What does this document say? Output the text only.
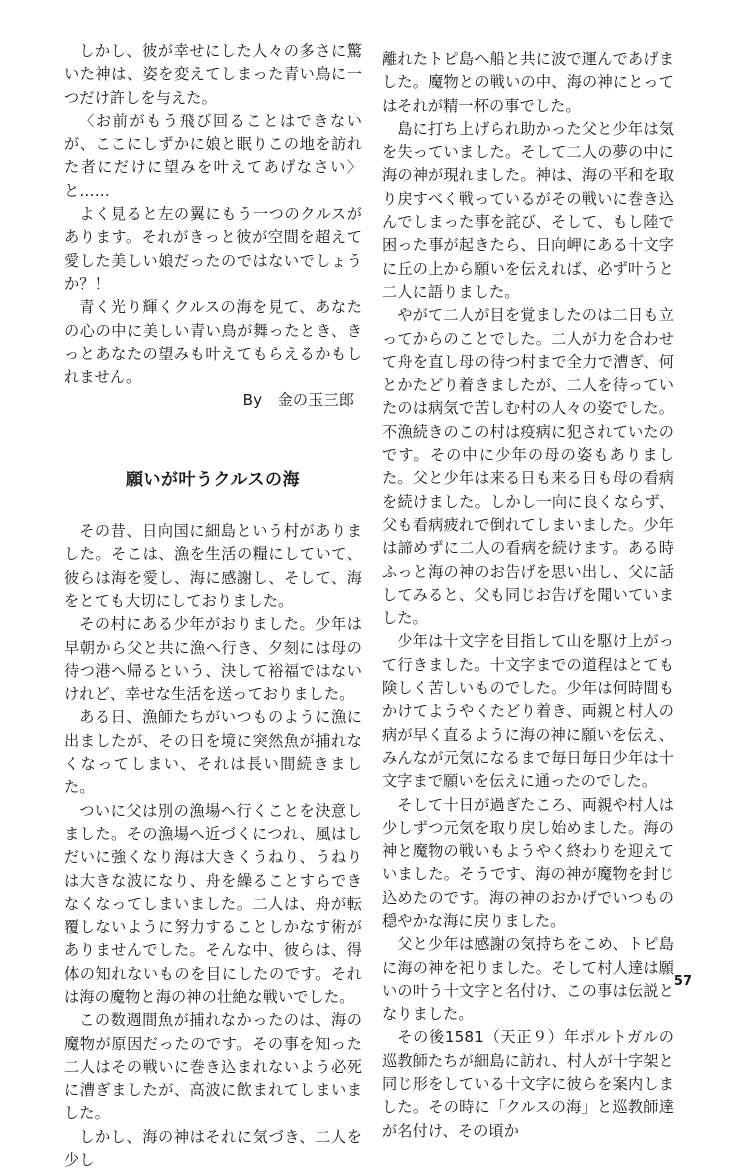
しかし、彼が幸せにした人々の多さに驚いた神は、姿を変えてしまった青い鳥に一つだけ許しを与えた。

〈お前がもう飛び回ることはできないが、ここにしずかに娘と眠りこの地を訪れた者にだけに望みを叶えてあげなさい〉と……

よく見ると左の翼にもう一つのクルスがあります。それがきっと彼が空間を超えて愛した美しい娘だったのではないでしょうか？！

青く光り輝くクルスの海を見て、あなたの心の中に美しい青い鳥が舞ったとき、きっとあなたの望みも叶えてもらえるかもしれません。

By　金の玉三郎

願いが叶うクルスの海

その昔、日向国に細島という村がありました。そこは、漁を生活の糧にしていて、彼らは海を愛し、海に感謝し、そして、海をとても大切にしておりました。

その村にある少年がおりました。少年は早朝から父と共に漁へ行き、夕刻には母の待つ港へ帰るという、決して裕福ではないけれど、幸せな生活を送っておりました。

ある日、漁師たちがいつものように漁に出ましたが、その日を境に突然魚が捕れなくなってしまい、それは長い間続きました。

ついに父は別の漁場へ行くことを決意しました。その漁場へ近づくにつれ、風はしだいに強くなり海は大きくうねり、うねりは大きな波になり、舟を繰ることすらできなくなってしまいました。二人は、舟が転覆しないように努力することしかなす術がありませんでした。そんな中、彼らは、得体の知れないものを目にしたのです。それは海の魔物と海の神の壮絶な戦いでした。

この数週間魚が捕れなかったのは、海の魔物が原因だったのです。その事を知った二人はその戦いに巻き込まれないよう必死に漕ぎましたが、高波に飲まれてしまいました。

しかし、海の神はそれに気づき、二人を少し

離れたトピ島へ船と共に波で運んであげました。魔物との戦いの中、海の神にとってはそれが精一杯の事でした。

島に打ち上げられ助かった父と少年は気を失っていました。そして二人の夢の中に海の神が現れました。神は、海の平和を取り戻すべく戦っているがその戦いに巻き込んでしまった事を詫び、そして、もし陸で困った事が起きたら、日向岬にある十文字に丘の上から願いを伝えれば、必ず叶うと二人に語りました。

やがて二人が目を覚ましたのは二日も立ってからのことでした。二人が力を合わせて舟を直し母の待つ村まで全力で漕ぎ、何とかたどり着きましたが、二人を待っていたのは病気で苦しむ村の人々の姿でした。不漁続きのこの村は疫病に犯されていたのです。その中に少年の母の姿もありました。父と少年は来る日も来る日も母の看病を続けました。しかし一向に良くならず、父も看病疲れで倒れてしまいました。少年は諦めずに二人の看病を続けます。ある時ふっと海の神のお告げを思い出し、父に話してみると、父も同じお告げを聞いていました。

少年は十文字を目指して山を駆け上がって行きました。十文字までの道程はとても険しく苦しいものでした。少年は何時間もかけてようやくたどり着き、両親と村人の病が早く直るように海の神に願いを伝え、みんなが元気になるまで毎日毎日少年は十文字まで願いを伝えに通ったのでした。

そして十日が過ぎたころ、両親や村人は少しずつ元気を取り戻し始めました。海の神と魔物の戦いもようやく終わりを迎えていました。そうです、海の神が魔物を封じ込めたのです。海の神のおかげでいつもの穏やかな海に戻りました。

父と少年は感謝の気持ちをこめ、トピ島に海の神を祀りました。そして村人達は願いの叶う十文字と名付け、この事は伝説となりました。

その後1581（天正９）年ポルトガルの巡教師たちが細島に訪れ、村人が十字架と同じ形をしている十文字に彼らを案内しました。その時に「クルスの海」と巡教師達が名付け、その頃か

57
